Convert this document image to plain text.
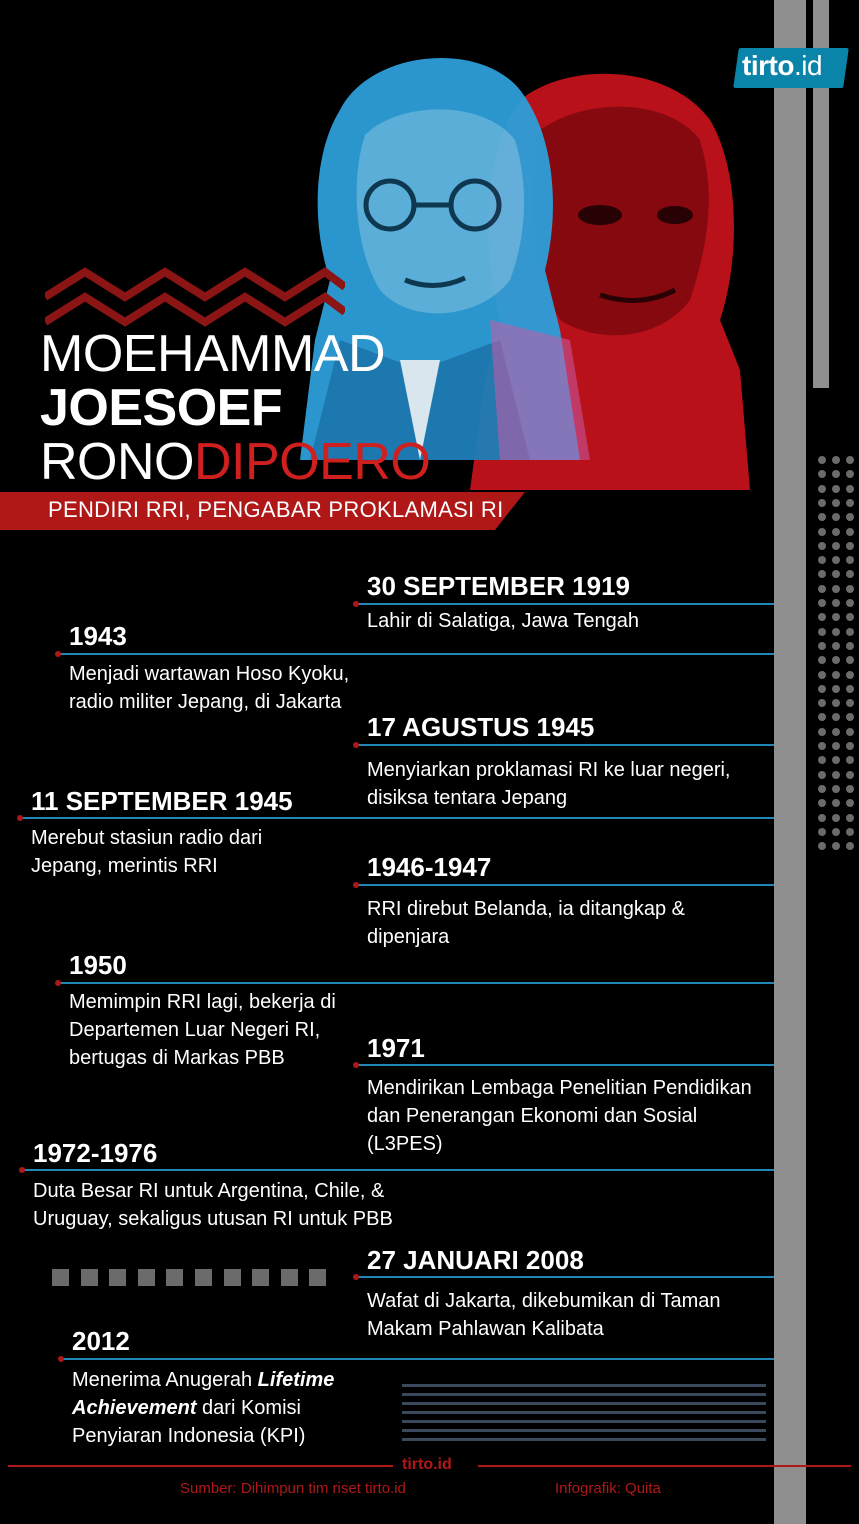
tirto.id
MOEHAMMAD
JOESOEF
RONODIPOERO
PENDIRI RRI, PENGABAR PROKLAMASI RI
30 SEPTEMBER 1919
Lahir di Salatiga, Jawa Tengah
17 AGUSTUS 1945
Menyiarkan proklamasi RI ke luar negeri, disiksa tentara Jepang
1946-1947
RRI direbut Belanda, ia ditangkap & dipenjara
1971
Mendirikan Lembaga Penelitian Pendidikan dan Penerangan Ekonomi dan Sosial (L3PES)
27 JANUARI 2008
Wafat di Jakarta, dikebumikan di Taman Makam Pahlawan Kalibata
1943
Menjadi wartawan Hoso Kyoku, radio militer Jepang, di Jakarta
11 SEPTEMBER 1945
Merebut stasiun radio dari Jepang, merintis RRI
1950
Memimpin RRI lagi, bekerja di Departemen Luar Negeri RI, bertugas di Markas PBB
1972-1976
Duta Besar RI untuk Argentina, Chile, & Uruguay, sekaligus utusan RI untuk PBB
2012
Menerima Anugerah Lifetime Achievement dari Komisi Penyiaran Indonesia (KPI)
tirto.id
Sumber: Dihimpun tim riset tirto.id	Infografik: Quita
